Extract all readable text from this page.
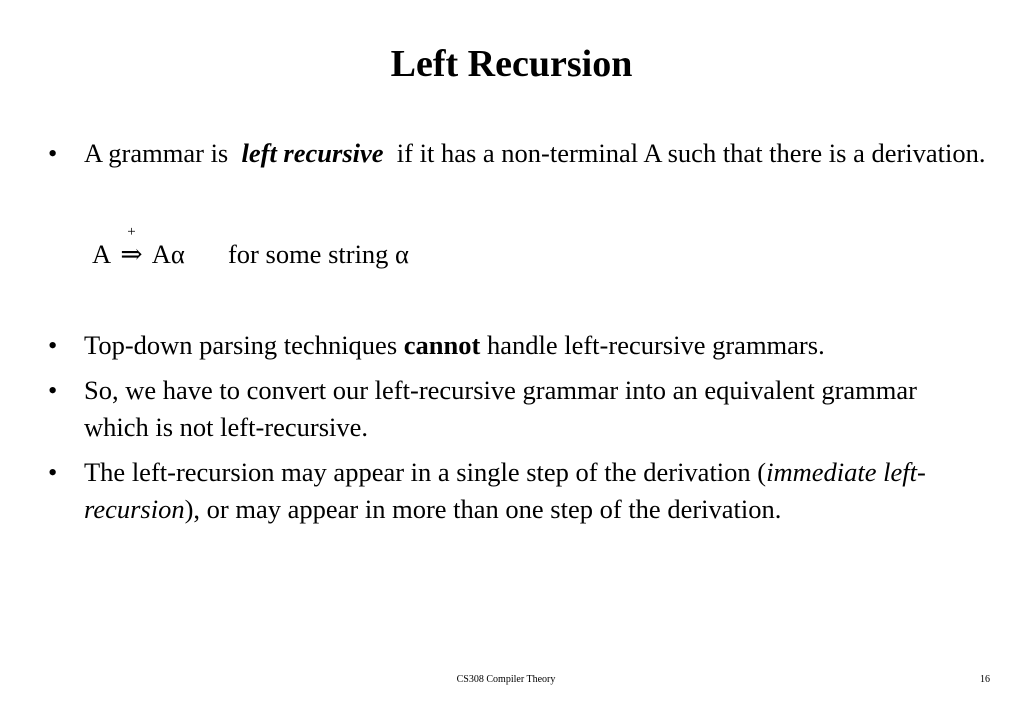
Left Recursion
• A grammar is left recursive if it has a non-terminal A such that there is a derivation.
A
+
⇒ Aα for some string α
• Top-down parsing techniques cannot handle left-recursive grammars.
• So, we have to convert our left-recursive grammar into an equivalent grammar which is not left-recursive.
• The left-recursion may appear in a single step of the derivation (immediate left-recursion), or may appear in more than one step of the derivation.
CS308 Compiler Theory	16
